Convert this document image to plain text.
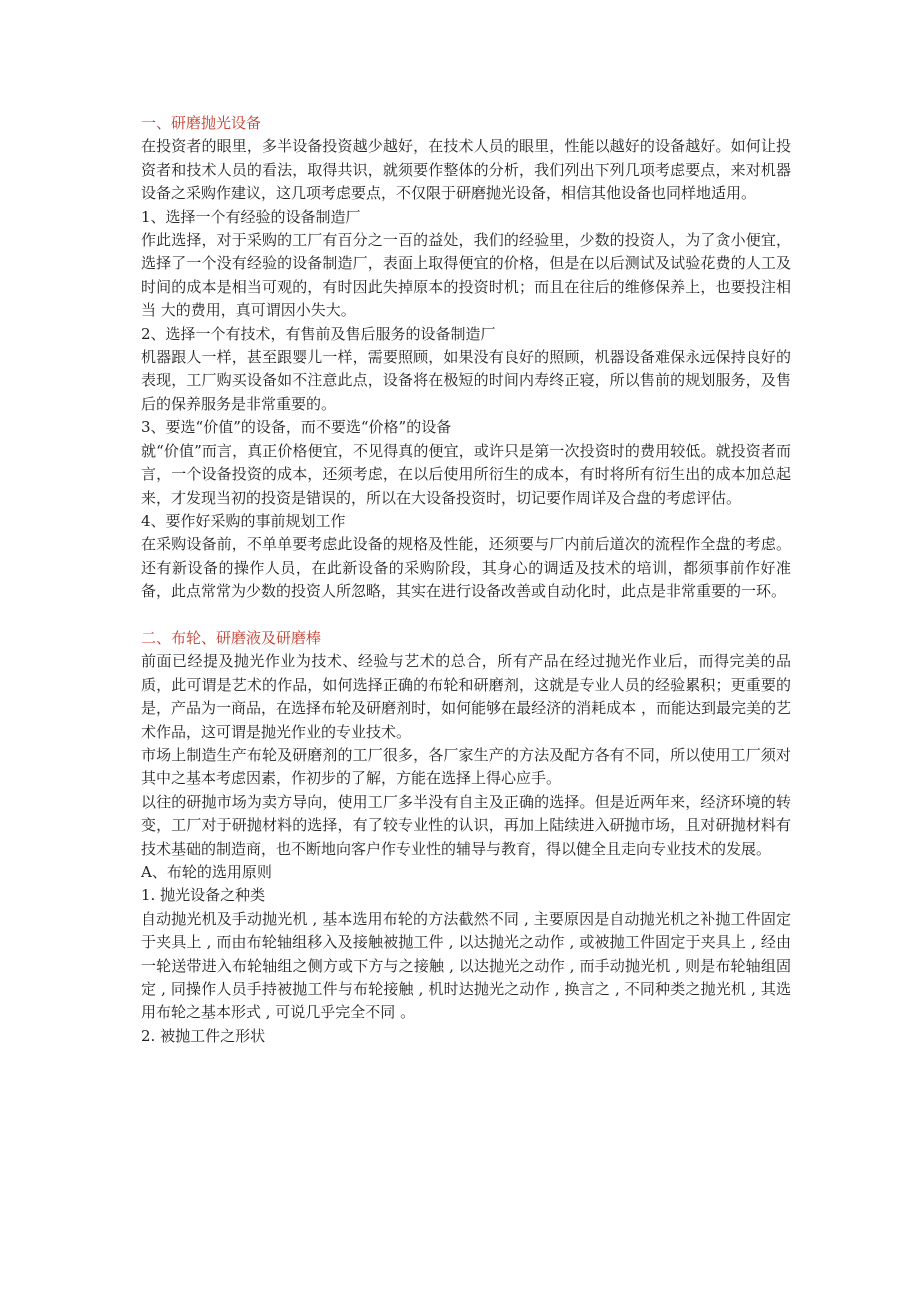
一、研磨抛光设备

在投资者的眼里，多半设备投资越少越好，在技术人员的眼里，性能以越好的设备越好。如何让投资者和技术人员的看法，取得共识，就须要作整体的分析，我们列出下列几项考虑要点，来对机器设备之采购作建议，这几项考虑要点，不仅限于研磨抛光设备，相信其他设备也同样地适用。

1、选择一个有经验的设备制造厂

作此选择，对于采购的工厂有百分之一百的益处，我们的经验里，少数的投资人，为了贪小便宜，选择了一个没有经验的设备制造厂，表面上取得便宜的价格，但是在以后测试及试验花费的人工及时间的成本是相当可观的，有时因此失掉原本的投资时机；而且在往后的维修保养上，也要投注相当 大的费用，真可谓因小失大。

2、选择一个有技术，有售前及售后服务的设备制造厂

机器跟人一样，甚至跟婴儿一样，需要照顾，如果没有良好的照顾，机器设备难保永远保持良好的表现，工厂购买设备如不注意此点，设备将在极短的时间内寿终正寝，所以售前的规划服务，及售后的保养服务是非常重要的。

3、要选“价值”的设备，而不要选“价格”的设备

就“价值”而言，真正价格便宜，不见得真的便宜，或许只是第一次投资时的费用较低。就投资者而言，一个设备投资的成本，还须考虑，在以后使用所衍生的成本，有时将所有衍生出的成本加总起来，才发现当初的投资是错误的，所以在大设备投资时，切记要作周详及合盘的考虑评估。

4、要作好采购的事前规划工作

在采购设备前，不单单要考虑此设备的规格及性能，还须要与厂内前后道次的流程作全盘的考虑。还有新设备的操作人员，在此新设备的采购阶段，其身心的调适及技术的培训，都须事前作好准备，此点常常为少数的投资人所忽略，其实在进行设备改善或自动化时，此点是非常重要的一环。

二、布轮、研磨液及研磨棒

前面已经提及抛光作业为技术、经验与艺术的总合，所有产品在经过抛光作业后，而得完美的品质，此可谓是艺术的作品，如何选择正确的布轮和研磨剂，这就是专业人员的经验累积；更重要的是，产品为一商品，在选择布轮及研磨剂时，如何能够在最经济的消耗成本 ，而能达到最完美的艺术作品，这可谓是抛光作业的专业技术。

市场上制造生产布轮及研磨剂的工厂很多，各厂家生产的方法及配方各有不同，所以使用工厂须对其中之基本考虑因素，作初步的了解，方能在选择上得心应手。

以往的研抛市场为卖方导向，使用工厂多半没有自主及正确的选择。但是近两年来，经济环境的转变，工厂对于研抛材料的选择，有了较专业性的认识，再加上陆续进入研抛市场，且对研抛材料有技术基础的制造商，也不断地向客户作专业性的辅导与教育，得以健全且走向专业技术的发展。

A、布轮的选用原则

1. 抛光设备之种类

自动抛光机及手动抛光机 , 基本选用布轮的方法截然不同 , 主要原因是自动抛光机之补抛工件固定于夹具上 , 而由布轮轴组移入及接触被抛工件 , 以达抛光之动作 , 或被抛工件固定于夹具上 , 经由一轮送带进入布轮轴组之侧方或下方与之接触 , 以达抛光之动作 , 而手动抛光机 , 则是布轮轴组固定 , 同操作人员手持被抛工件与布轮接触 , 机时达抛光之动作 , 换言之 , 不同种类之抛光机 , 其选用布轮之基本形式 , 可说几乎完全不同 。

2. 被抛工件之形状
